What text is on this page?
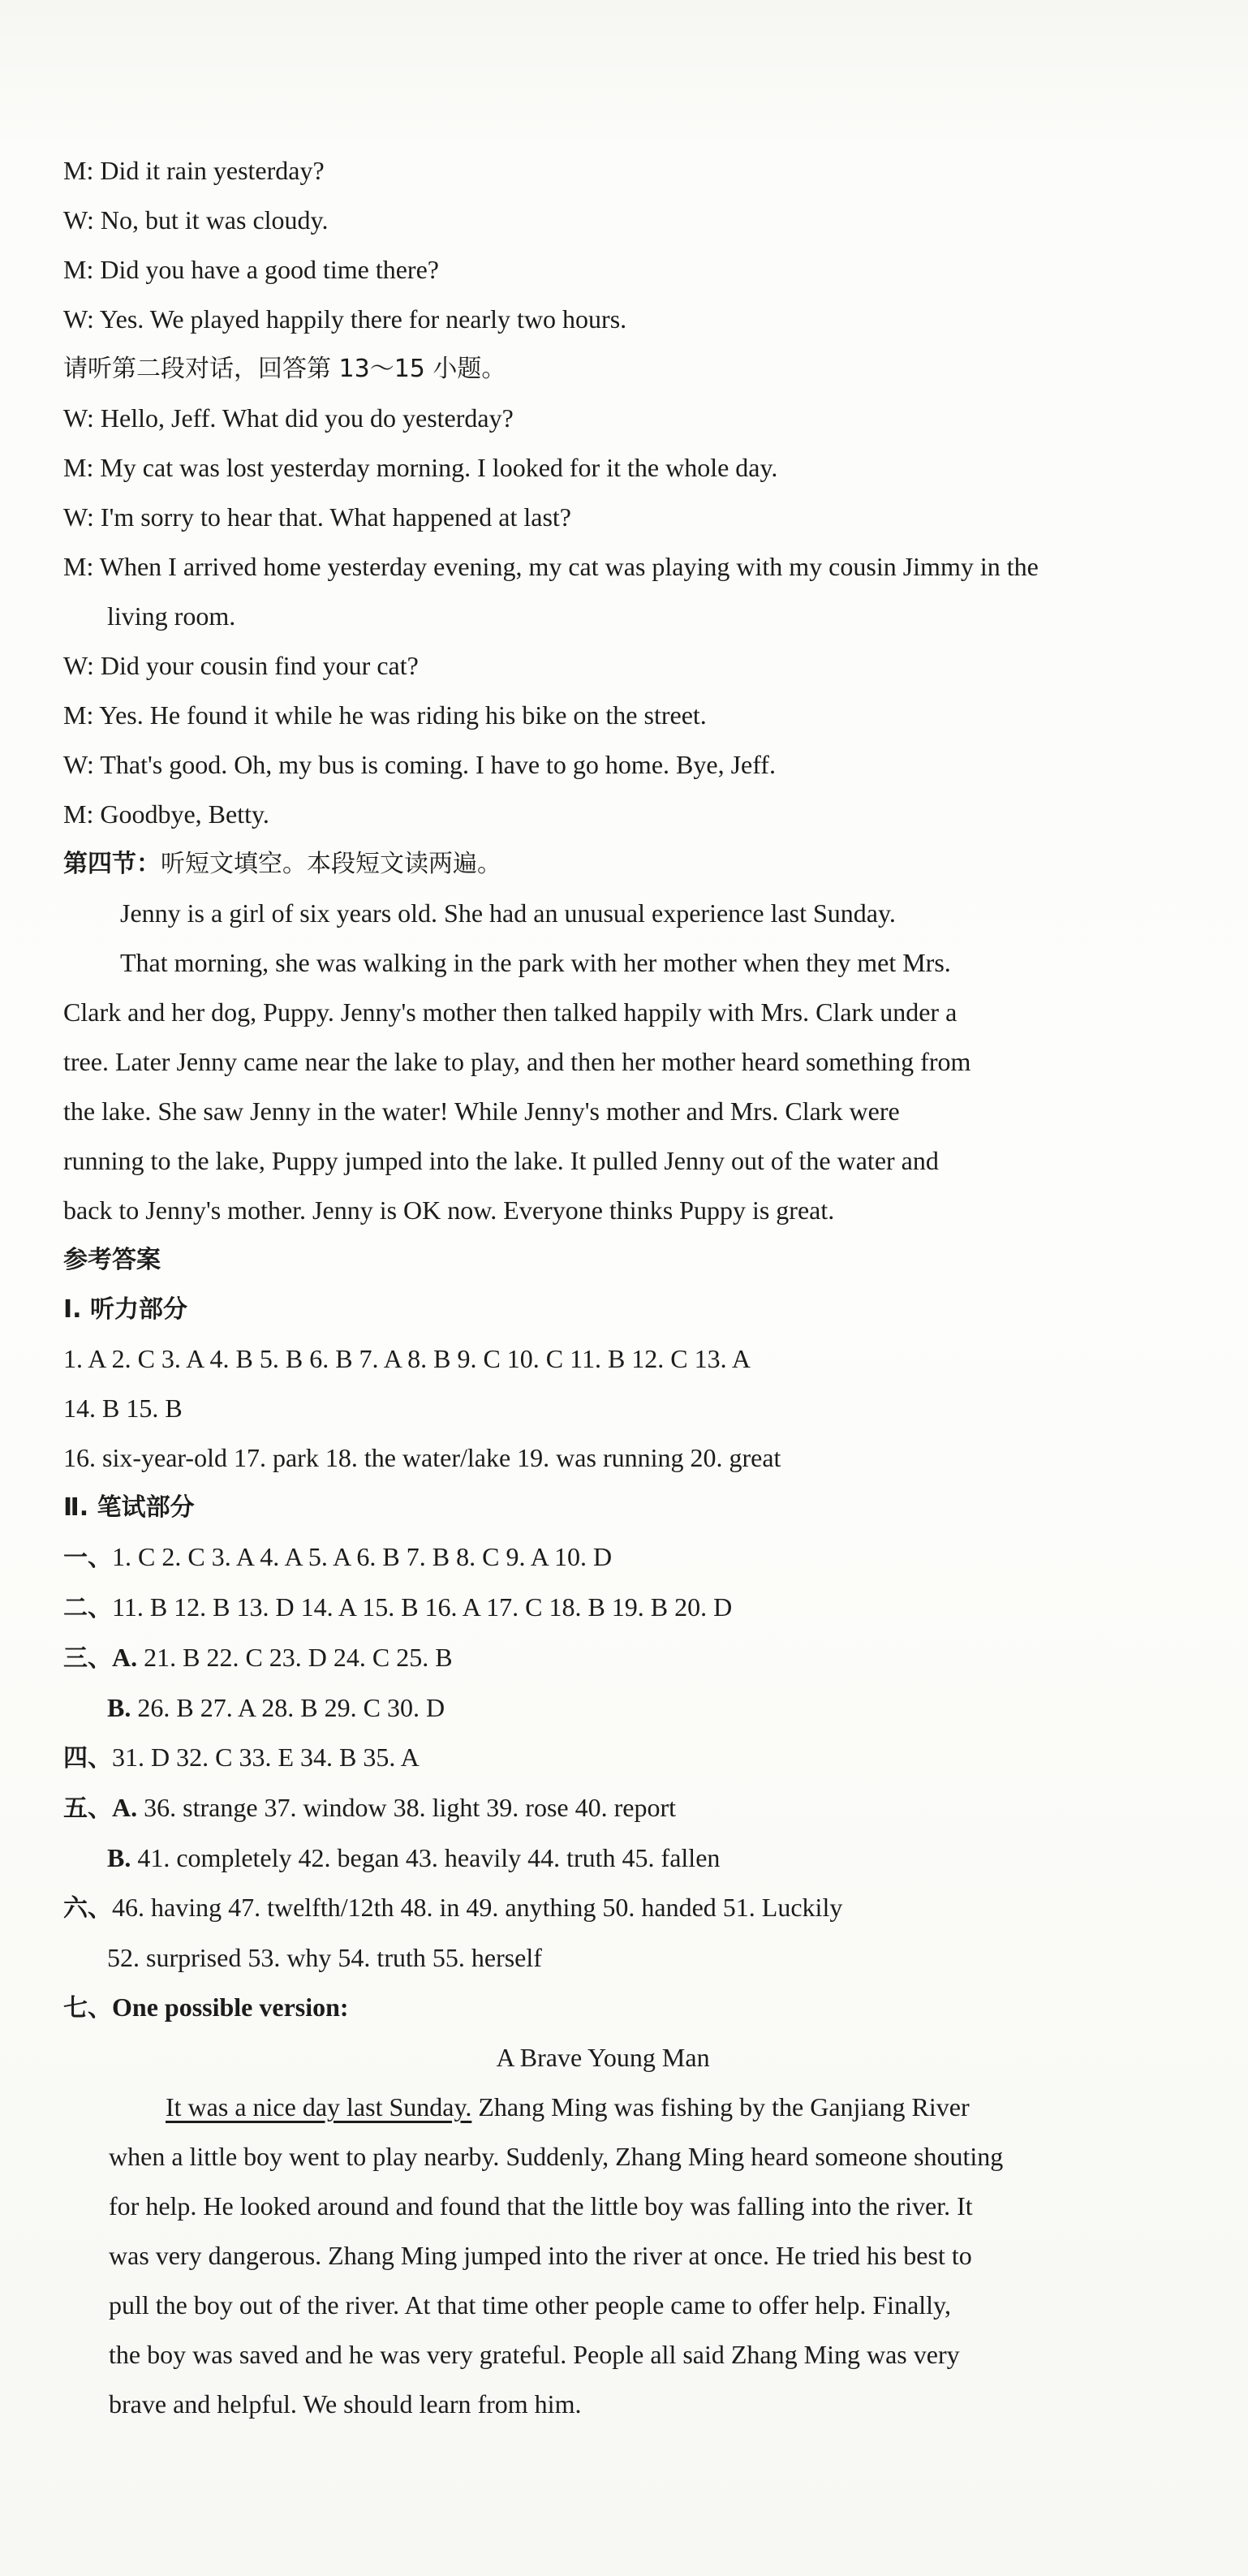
M: Did it rain yesterday?
W: No, but it was cloudy.
M: Did you have a good time there?
W: Yes. We played happily there for nearly two hours.
请听第二段对话，回答第 13～15 小题。
W: Hello, Jeff. What did you do yesterday?
M: My cat was lost yesterday morning. I looked for it the whole day.
W: I'm sorry to hear that. What happened at last?
M: When I arrived home yesterday evening, my cat was playing with my cousin Jimmy in the
living room.
W: Did your cousin find your cat?
M: Yes. He found it while he was riding his bike on the street.
W: That's good. Oh, my bus is coming. I have to go home. Bye, Jeff.
M: Goodbye, Betty.
第四节：听短文填空。本段短文读两遍。
Jenny is a girl of six years old. She had an unusual experience last Sunday.
That morning, she was walking in the park with her mother when they met Mrs.
Clark and her dog, Puppy. Jenny's mother then talked happily with Mrs. Clark under a
tree. Later Jenny came near the lake to play, and then her mother heard something from
the lake. She saw Jenny in the water! While Jenny's mother and Mrs. Clark were
running to the lake, Puppy jumped into the lake. It pulled Jenny out of the water and
back to Jenny's mother. Jenny is OK now. Everyone thinks Puppy is great.
参考答案
Ⅰ. 听力部分
1. A 2. C 3. A 4. B 5. B 6. B 7. A 8. B 9. C 10. C 11. B 12. C 13. A
14. B 15. B
16. six-year-old 17. park 18. the water/lake 19. was running 20. great
Ⅱ. 笔试部分
一、1. C 2. C 3. A 4. A 5. A 6. B 7. B 8. C 9. A 10. D
二、11. B 12. B 13. D 14. A 15. B 16. A 17. C 18. B 19. B 20. D
三、A. 21. B 22. C 23. D 24. C 25. B
B. 26. B 27. A 28. B 29. C 30. D
四、31. D 32. C 33. E 34. B 35. A
五、A. 36. strange 37. window 38. light 39. rose 40. report
B. 41. completely 42. began 43. heavily 44. truth 45. fallen
六、46. having 47. twelfth/12th 48. in 49. anything 50. handed 51. Luckily
52. surprised 53. why 54. truth 55. herself
七、One possible version:
A Brave Young Man
It was a nice day last Sunday. Zhang Ming was fishing by the Ganjiang River
when a little boy went to play nearby. Suddenly, Zhang Ming heard someone shouting
for help. He looked around and found that the little boy was falling into the river. It
was very dangerous. Zhang Ming jumped into the river at once. He tried his best to
pull the boy out of the river. At that time other people came to offer help. Finally,
the boy was saved and he was very grateful. People all said Zhang Ming was very
brave and helpful. We should learn from him.
